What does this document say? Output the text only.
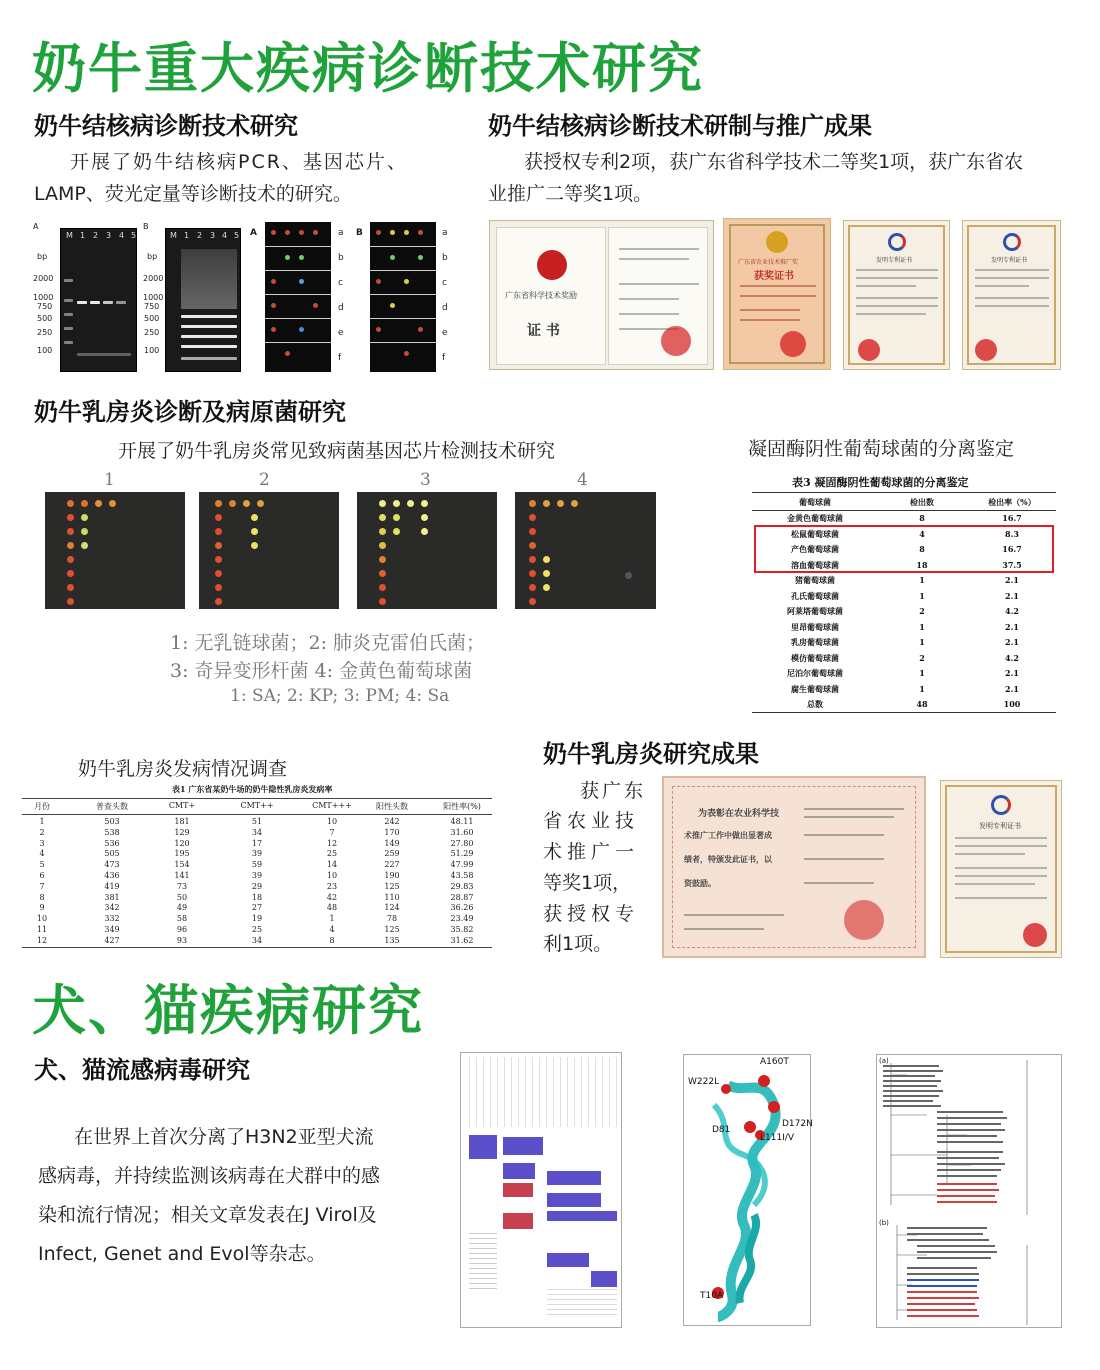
奶牛重大疾病诊断技术研究
奶牛结核病诊断技术研究
开展了奶牛结核病PCR、基因芯片、
LAMP、荧光定量等诊断技术的研究。
A
bp
2000
1000
750
500
250
100
M 1 2 3 4 5
B
bp
2000
1000
750
500
250
100
M 1 2 3 4 5 A	a
b
c
d
e
f
B	a
b
c
d
e
f
奶牛结核病诊断技术研制与推广成果
获授权专利2项，获广东省科学技术二等奖1项，获广东省农
业推广二等奖1项。
广东省科学技术奖励
证 书
广东省农业技术推广奖
获奖证书
发明专利证书	发明专利证书
奶牛乳房炎诊断及病原菌研究
开展了奶牛乳房炎常见致病菌基因芯片检测技术研究
1	2	3	4
1: 无乳链球菌；2: 肺炎克雷伯氏菌；
3: 奇异变形杆菌 4: 金黄色葡萄球菌
1: SA; 2: KP; 3: PM; 4: Sa
凝固酶阴性葡萄球菌的分离鉴定
表3 凝固酶阴性葡萄球菌的分离鉴定
葡萄球菌	检出数	检出率（%）
金黄色葡萄球菌	8	16.7
松鼠葡萄球菌	4	8.3
产色葡萄球菌	8	16.7
溶血葡萄球菌	18	37.5
猪葡萄球菌	1	2.1
孔氏葡萄球菌	1	2.1
阿莱塔葡萄球菌	2	4.2
里昂葡萄球菌	1	2.1
乳房葡萄球菌	1	2.1
模仿葡萄球菌	2	4.2
尼泊尔葡萄球菌	1	2.1
腐生葡萄球菌	1	2.1
总数	48	100
奶牛乳房炎发病情况调查
表1 广东省某奶牛场的奶牛隐性乳房炎发病率
月份	普查头数	CMT+	CMT++	CMT+++	阳性头数	阳性率(%)
1	503	181	51	10	242	48.11
2	538	129	34	7	170	31.60
3	536	120	17	12	149	27.80
4	505	195	39	25	259	51.29
5	473	154	59	14	227	47.99
6	436	141	39	10	190	43.58
7	419	73	29	23	125	29.83
8	381	50	18	42	110	28.87
9	342	49	27	48	124	36.26
10	332	58	19	1	78	23.49
11	349	96	25	4	125	35.82
12	427	93	34	8	135	31.62
奶牛乳房炎研究成果
获广东
省农业技
术推广一
等奖1项，
获授权专
利1项。
为表彰在农业科学技
术推广工作中做出显著成
绩者，特颁发此证书，以
资鼓励。
发明专利证书
犬、猫疾病研究
犬、猫流感病毒研究
在世界上首次分离了H3N2亚型犬流
感病毒，并持续监测该病毒在犬群中的感
染和流行情况；相关文章发表在J Virol及
Infect, Genet and Evol等杂志。
A160T
W222L
D172N
D81
L111I/V
T10A
(a)
(b)
